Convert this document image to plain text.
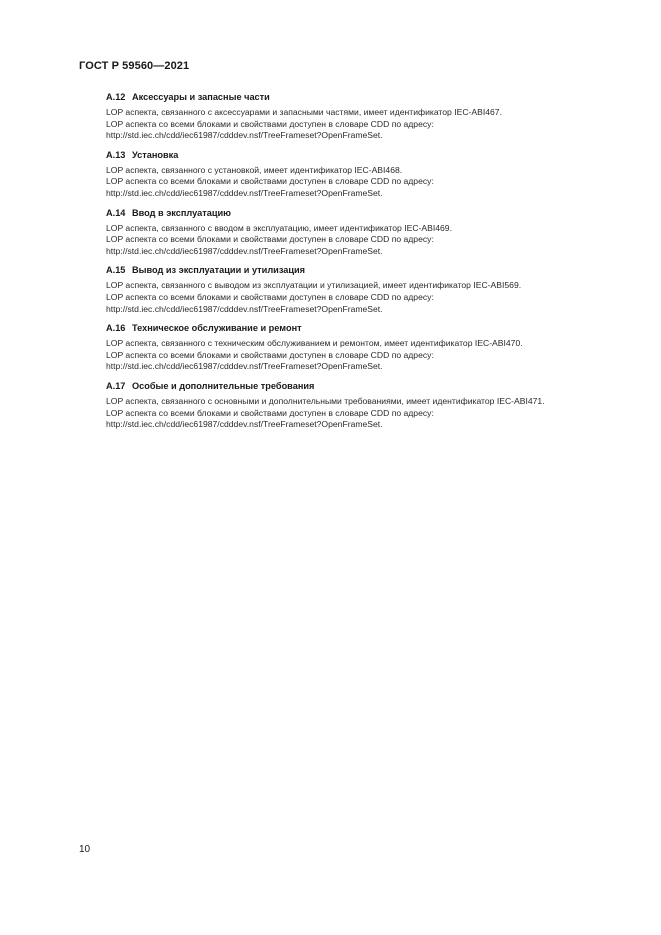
ГОСТ Р 59560—2021
A.12 Аксессуары и запасные части
LOP аспекта, связанного с аксессуарами и запасными частями, имеет идентификатор IEC-ABI467.
LOP аспекта со всеми блоками и свойствами доступен в словаре CDD по адресу:
http://std.iec.ch/cdd/iec61987/cdddev.nsf/TreeFrameset?OpenFrameSet.
A.13 Установка
LOP аспекта, связанного с установкой, имеет идентификатор IEC-ABI468.
LOP аспекта со всеми блоками и свойствами доступен в словаре CDD по адресу:
http://std.iec.ch/cdd/iec61987/cdddev.nsf/TreeFrameset?OpenFrameSet.
A.14 Ввод в эксплуатацию
LOP аспекта, связанного с вводом в эксплуатацию, имеет идентификатор IEC-ABI469.
LOP аспекта со всеми блоками и свойствами доступен в словаре CDD по адресу:
http://std.iec.ch/cdd/iec61987/cdddev.nsf/TreeFrameset?OpenFrameSet.
A.15 Вывод из эксплуатации и утилизация
LOP аспекта, связанного с выводом из эксплуатации и утилизацией, имеет идентификатор IEC-ABI569.
LOP аспекта со всеми блоками и свойствами доступен в словаре CDD по адресу:
http://std.iec.ch/cdd/iec61987/cdddev.nsf/TreeFrameset?OpenFrameSet.
A.16 Техническое обслуживание и ремонт
LOP аспекта, связанного с техническим обслуживанием и ремонтом, имеет идентификатор IEC-ABI470.
LOP аспекта со всеми блоками и свойствами доступен в словаре CDD по адресу:
http://std.iec.ch/cdd/iec61987/cdddev.nsf/TreeFrameset?OpenFrameSet.
A.17 Особые и дополнительные требования
LOP аспекта, связанного с основными и дополнительными требованиями, имеет идентификатор IEC-ABI471.
LOP аспекта со всеми блоками и свойствами доступен в словаре CDD по адресу:
http://std.iec.ch/cdd/iec61987/cdddev.nsf/TreeFrameset?OpenFrameSet.
10
